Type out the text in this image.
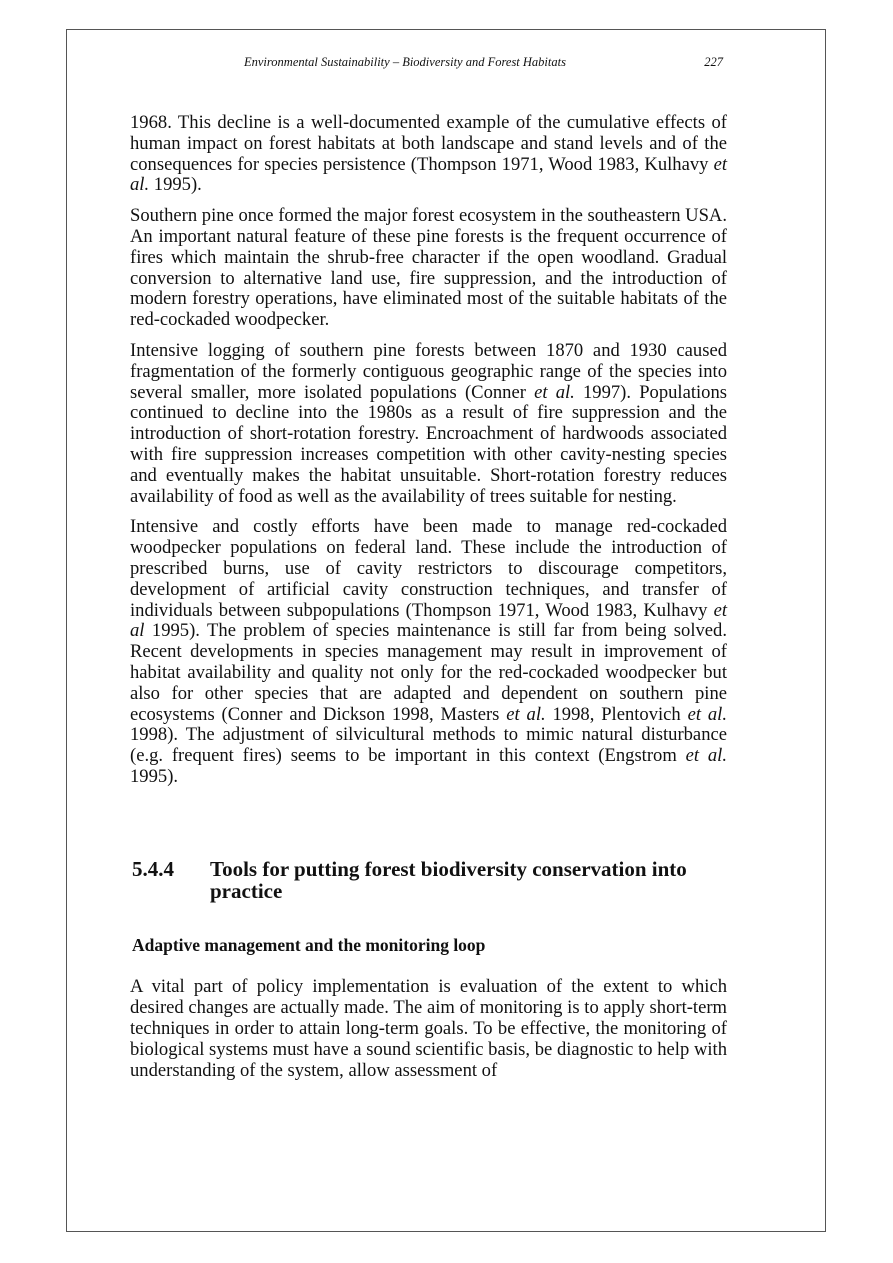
Environmental Sustainability – Biodiversity and Forest Habitats	227

1968. This decline is a well-documented example of the cumulative effects of human impact on forest habitats at both landscape and stand levels and of the consequences for species persistence (Thompson 1971, Wood 1983, Kulhavy et al. 1995).

Southern pine once formed the major forest ecosystem in the southeastern USA. An important natural feature of these pine forests is the frequent occurrence of fires which maintain the shrub-free character if the open woodland. Gradual conversion to alternative land use, fire suppression, and the introduction of modern forestry operations, have eliminated most of the suitable habitats of the red-cockaded woodpecker.

Intensive logging of southern pine forests between 1870 and 1930 caused fragmentation of the formerly contiguous geographic range of the species into several smaller, more isolated populations (Conner et al. 1997). Populations continued to decline into the 1980s as a result of fire suppression and the introduction of short-rotation forestry. Encroachment of hardwoods associated with fire suppression increases competition with other cavity-nesting species and eventually makes the habitat unsuitable. Short-rotation forestry reduces availability of food as well as the availability of trees suitable for nesting.

Intensive and costly efforts have been made to manage red-cockaded woodpecker populations on federal land. These include the introduction of prescribed burns, use of cavity restrictors to discourage competitors, development of artificial cavity construction techniques, and transfer of individuals between subpopulations (Thompson 1971, Wood 1983, Kulhavy et al 1995). The problem of species maintenance is still far from being solved. Recent developments in species management may result in improvement of habitat availability and quality not only for the red-cockaded woodpecker but also for other species that are adapted and dependent on southern pine ecosystems (Conner and Dickson 1998, Masters et al. 1998, Plentovich et al. 1998). The adjustment of silvicultural methods to mimic natural disturbance (e.g. frequent fires) seems to be important in this context (Engstrom et al. 1995).

5.4.4 Tools for putting forest biodiversity conservation into practice
Adaptive management and the monitoring loop

A vital part of policy implementation is evaluation of the extent to which desired changes are actually made. The aim of monitoring is to apply short-term techniques in order to attain long-term goals. To be effective, the monitoring of biological systems must have a sound scientific basis, be diagnostic to help with understanding of the system, allow assessment of
